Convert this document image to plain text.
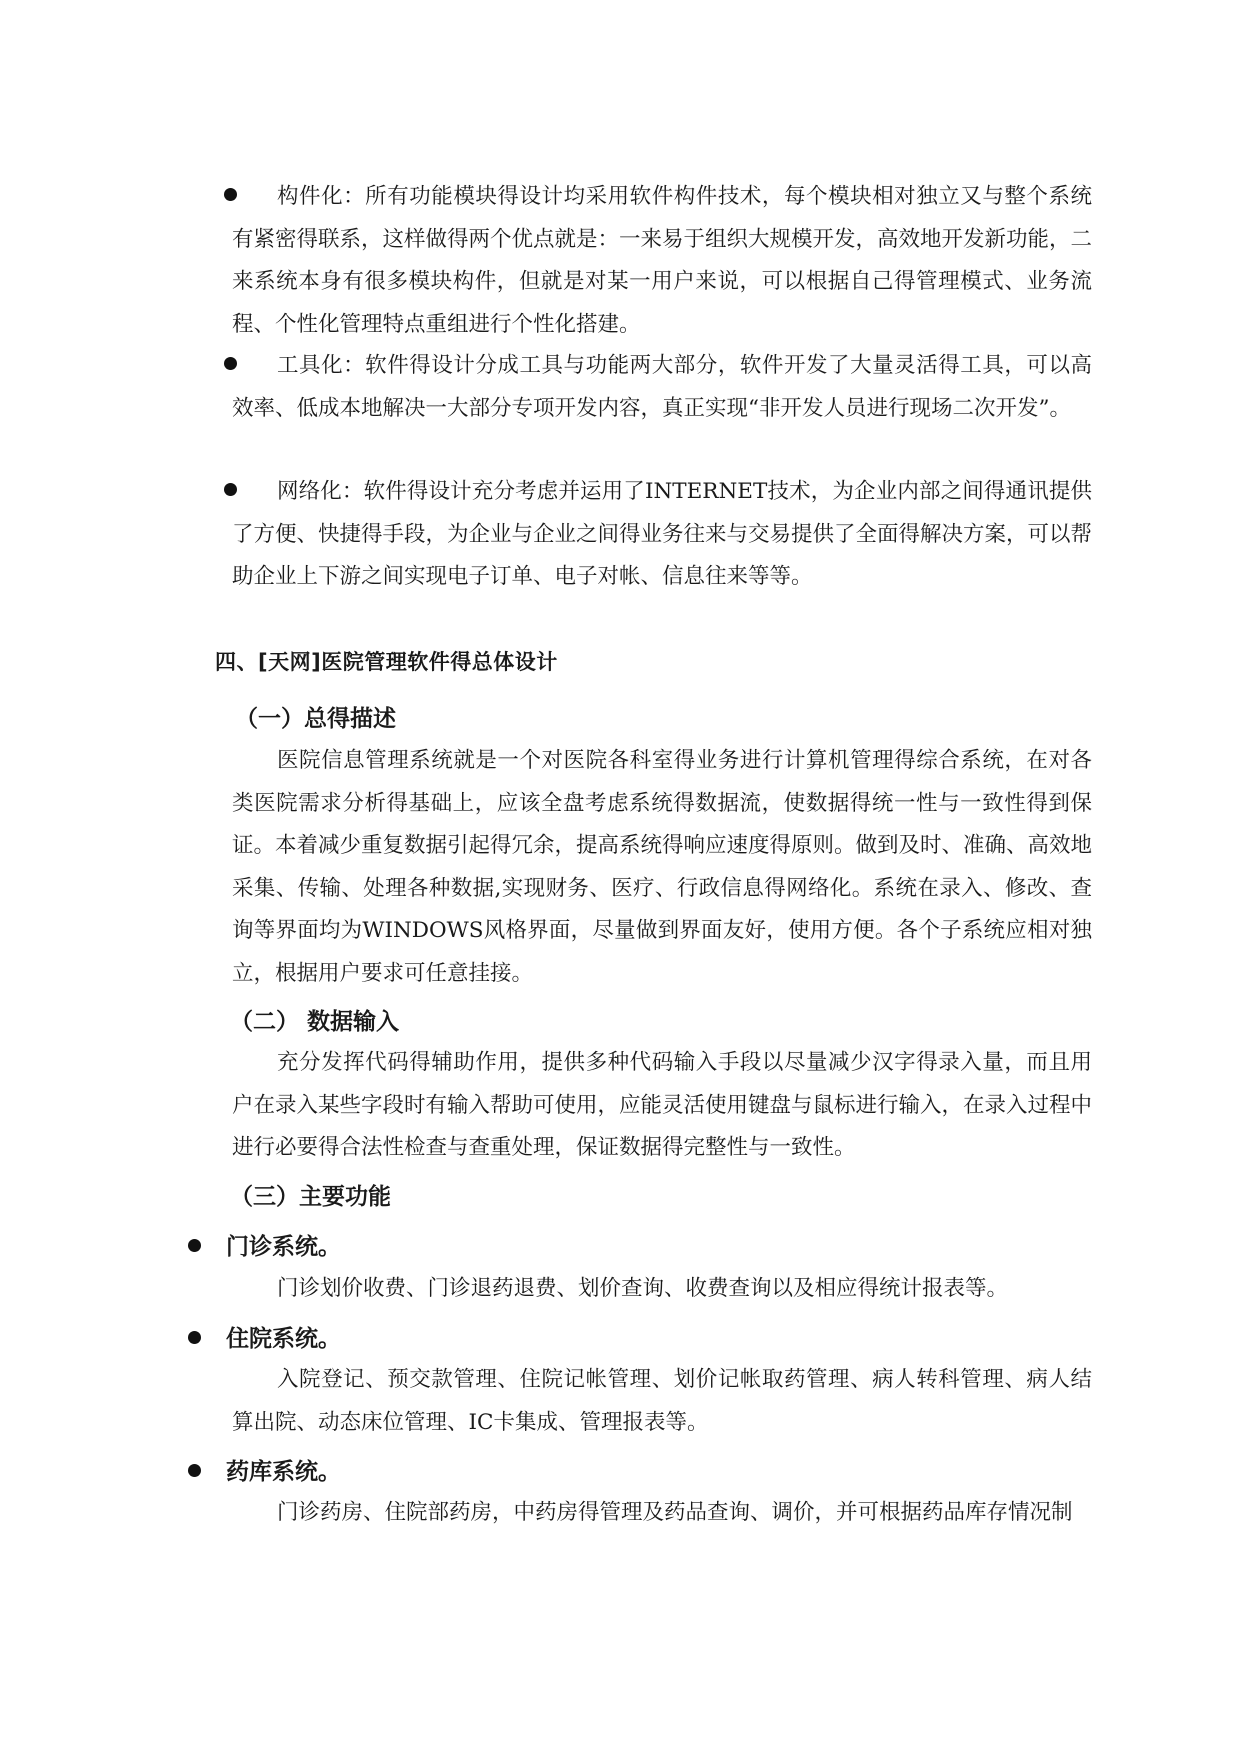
构件化：所有功能模块得设计均采用软件构件技术，每个模块相对独立又与整个系统有紧密得联系，这样做得两个优点就是：一来易于组织大规模开发，高效地开发新功能，二来系统本身有很多模块构件，但就是对某一用户来说，可以根据自己得管理模式、业务流程、个性化管理特点重组进行个性化搭建。
工具化：软件得设计分成工具与功能两大部分，软件开发了大量灵活得工具，可以高效率、低成本地解决一大部分专项开发内容，真正实现“非开发人员进行现场二次开发”。
网络化：软件得设计充分考虑并运用了INTERNET技术，为企业内部之间得通讯提供了方便、快捷得手段，为企业与企业之间得业务往来与交易提供了全面得解决方案，可以帮助企业上下游之间实现电子订单、电子对帐、信息往来等等。
四、[天网]医院管理软件得总体设计
（一）总得描述
医院信息管理系统就是一个对医院各科室得业务进行计算机管理得综合系统，在对各类医院需求分析得基础上，应该全盘考虑系统得数据流，使数据得统一性与一致性得到保证。本着减少重复数据引起得冗余，提高系统得响应速度得原则。做到及时、准确、高效地采集、传输、处理各种数据,实现财务、医疗、行政信息得网络化。系统在录入、修改、查询等界面均为WINDOWS风格界面，尽量做到界面友好，使用方便。各个子系统应相对独立，根据用户要求可任意挂接。
（二） 数据输入
充分发挥代码得辅助作用，提供多种代码输入手段以尽量减少汉字得录入量，而且用户在录入某些字段时有输入帮助可使用，应能灵活使用键盘与鼠标进行输入，在录入过程中进行必要得合法性检查与查重处理，保证数据得完整性与一致性。
（三）主要功能
门诊系统。
门诊划价收费、门诊退药退费、划价查询、收费查询以及相应得统计报表等。
住院系统。
入院登记、预交款管理、住院记帐管理、划价记帐取药管理、病人转科管理、病人结算出院、动态床位管理、IC卡集成、管理报表等。
药库系统。
门诊药房、住院部药房，中药房得管理及药品查询、调价，并可根据药品库存情况制
